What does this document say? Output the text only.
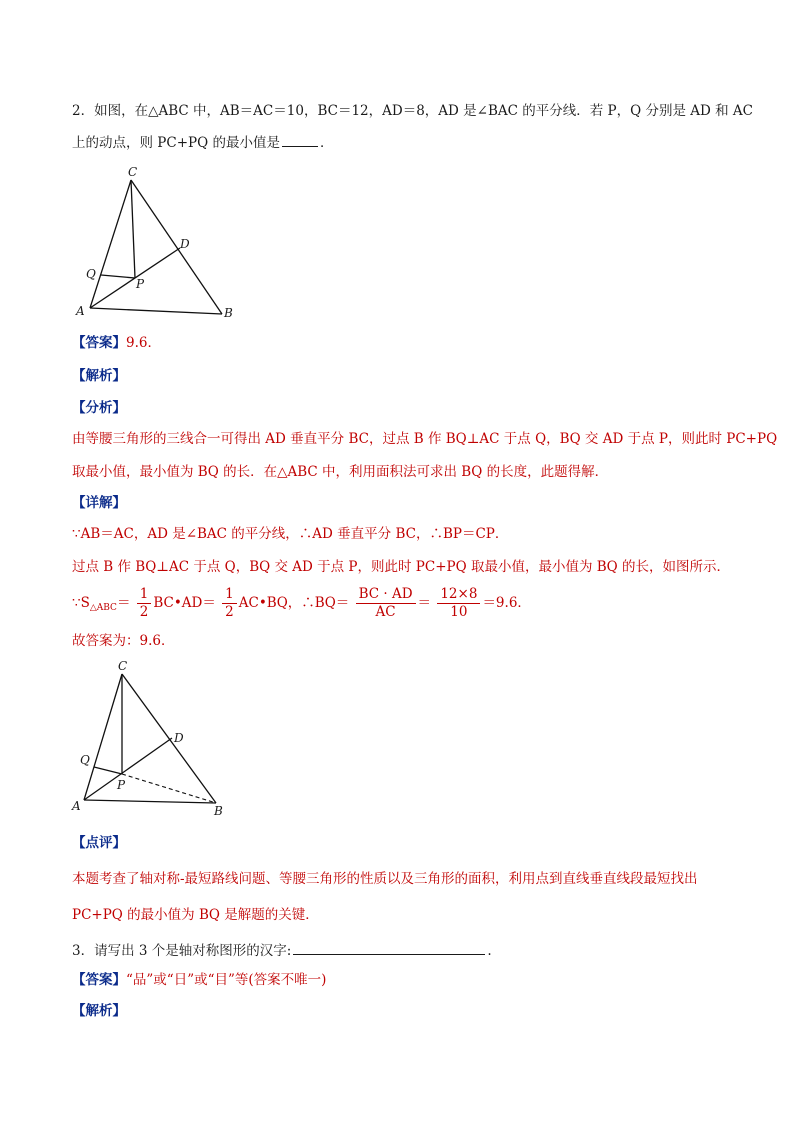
2．如图，在△ABC 中，AB＝AC＝10，BC＝12，AD＝8，AD 是∠BAC 的平分线．若 P，Q 分别是 AD 和 AC
上的动点，则 PC+PQ 的最小值是	．
C
D
Q
P
A	B
【答案】9.6．
【解析】
【分析】
由等腰三角形的三线合一可得出 AD 垂直平分 BC，过点 B 作 BQ⊥AC 于点 Q，BQ 交 AD 于点 P，则此时 PC+PQ
取最小值，最小值为 BQ 的长．在△ABC 中，利用面积法可求出 BQ 的长度，此题得解．
【详解】
∵AB＝AC，AD 是∠BAC 的平分线，∴AD 垂直平分 BC，∴BP＝CP．
过点 B 作 BQ⊥AC 于点 Q，BQ 交 AD 于点 P，则此时 PC+PQ 取最小值，最小值为 BQ 的长，如图所示．
$\because S_{\triangle ABC}= \frac{1}{2}$ BC•AD＝ $\frac{1}{2}$ AC•BQ，∴BQ＝ $\frac{BC \cdot AD}{AC} = \frac{12\times 8}{10} =9.6$．
故答案为：9.6．
C
D
Q
P
A	B
【点评】
本题考查了轴对称-最短路线问题、等腰三角形的性质以及三角形的面积，利用点到直线垂直线段最短找出
PC+PQ 的最小值为 BQ 是解题的关键．
3．请写出 3 个是轴对称图形的汉字:	.
【答案】“品”或“日”或“目”等(答案不唯一)
【解析】
